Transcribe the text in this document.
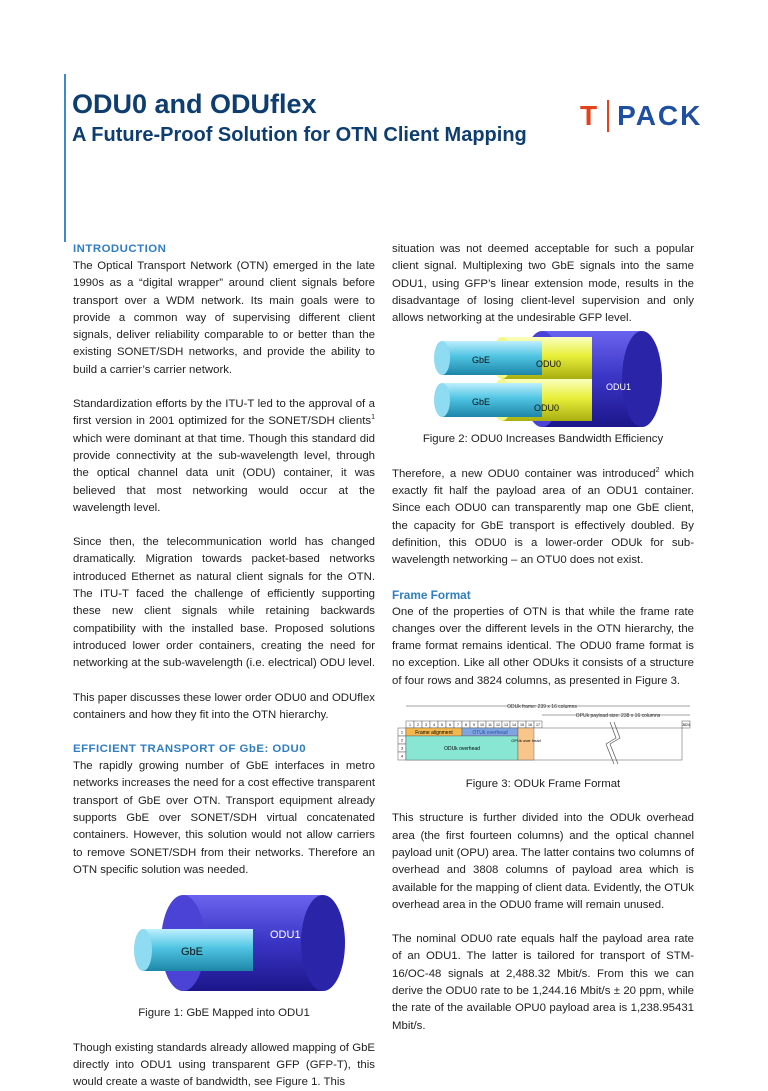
ODU0 and ODUflex
A Future-Proof Solution for OTN Client Mapping
T PACK
INTRODUCTION

The Optical Transport Network (OTN) emerged in the late 1990s as a “digital wrapper” around client signals before transport over a WDM network. Its main goals were to provide a common way of supervising different client signals, deliver reliability comparable to or better than the existing SONET/SDH networks, and provide the ability to build a carrier’s carrier network.

Standardization efforts by the ITU-T led to the approval of a first version in 2001 optimized for the SONET/SDH clients$^1$ which were dominant at that time. Though this standard did provide connectivity at the sub-wavelength level, through the optical channel data unit (ODU) container, it was believed that most networking would occur at the wavelength level.

Since then, the telecommunication world has changed dramatically. Migration towards packet-based networks introduced Ethernet as natural client signals for the OTN. The ITU-T faced the challenge of efficiently supporting these new client signals while retaining backwards compatibility with the installed base. Proposed solutions introduced lower order containers, creating the need for networking at the sub-wavelength (i.e. electrical) ODU level.

This paper discusses these lower order ODU0 and ODUflex containers and how they fit into the OTN hierarchy.

EFFICIENT TRANSPORT OF GbE: ODU0

The rapidly growing number of GbE interfaces in metro networks increases the need for a cost effective transparent transport of GbE over OTN. Transport equipment already supports GbE over SONET/SDH virtual concatenated containers. However, this solution would not allow carriers to remove SONET/SDH from their networks. Therefore an OTN specific solution was needed.

GbE
ODU1
Figure 1: GbE Mapped into ODU1

Though existing standards already allowed mapping of GbE directly into ODU1 using transparent GFP (GFP-T), this would create a waste of bandwidth, see Figure 1. This

situation was not deemed acceptable for such a popular client signal. Multiplexing two GbE signals into the same ODU1, using GFP’s linear extension mode, results in the disadvantage of losing client-level supervision and only allows networking at the undesirable GFP level.

GbE
GbE
ODU0
ODU0
ODU1
Figure 2: ODU0 Increases Bandwidth Efficiency

Therefore, a new ODU0 container was introduced$^2$ which exactly fit half the payload area of an ODU1 container. Since each ODU0 can transparently map one GbE client, the capacity for GbE transport is effectively doubled. By definition, this ODU0 is a lower-order ODUk for sub-wavelength networking – an OTU0 does not exist.

Frame Format

One of the properties of OTN is that while the frame rate changes over the different levels in the OTN hierarchy, the frame format remains identical. The ODU0 frame format is no exception. Like all other ODUks it consists of a structure of four rows and 3824 columns, as presented in Figure 3.

ODUk frame: 239 x 16 columns
OPUk payload size: 238 x 16 columns
1 2 3 4 5 6 7 8 9 10 11 12 13 14 15 16 17	3824
1
2
3
4
Frame alignment	OTUk overhead
ODUk overhead
OPUk over head
Figure 3: ODUk Frame Format

This structure is further divided into the ODUk overhead area (the first fourteen columns) and the optical channel payload unit (OPU) area. The latter contains two columns of overhead and 3808 columns of payload area which is available for the mapping of client data. Evidently, the OTUk overhead area in the ODU0 frame will remain unused.

The nominal ODU0 rate equals half the payload area rate of an ODU1. The latter is tailored for transport of STM-16/OC-48 signals at 2,488.32 Mbit/s. From this we can derive the ODU0 rate to be 1,244.16 Mbit/s ± 20 ppm, while the rate of the available OPU0 payload area is 1,238.95431 Mbit/s.
